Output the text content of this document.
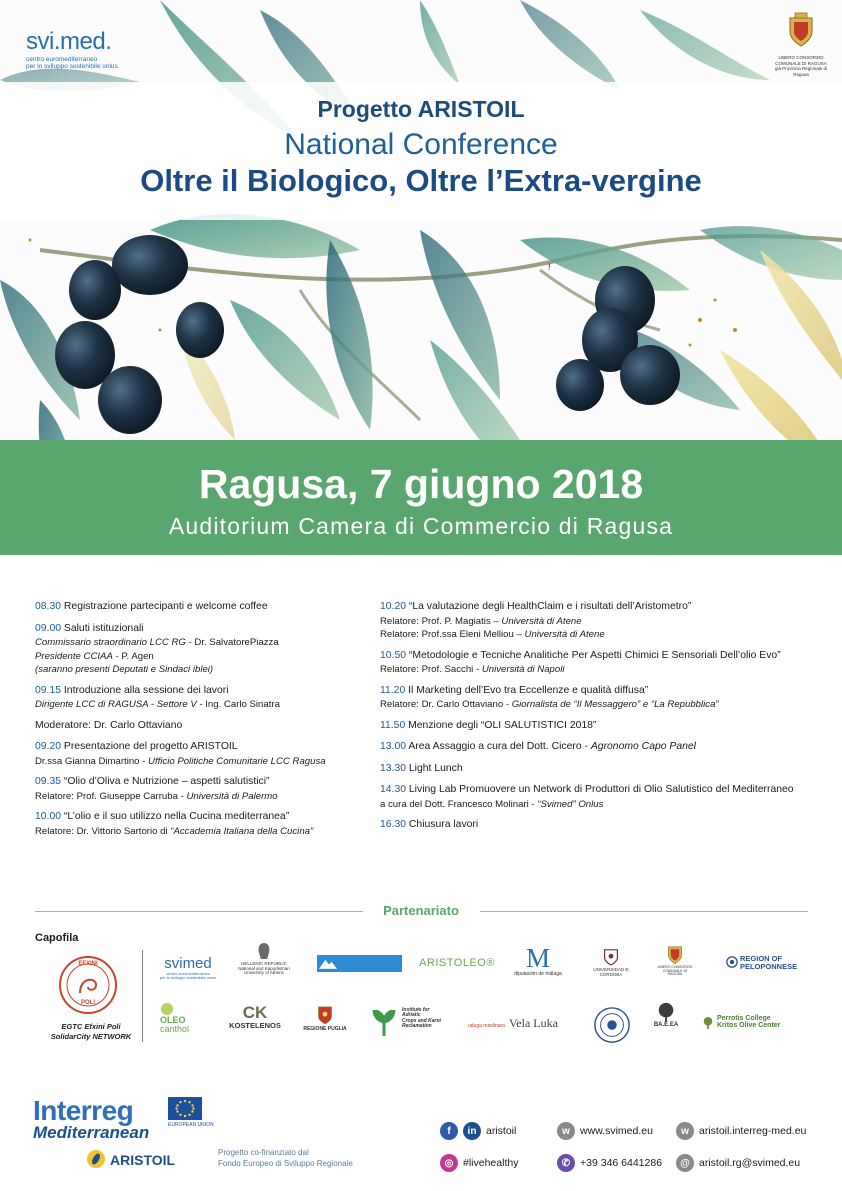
svi.med.
centro euromediterraneo
per lo sviluppo sostenibile onlus
LIBERO CONSORZIO
COMUNALE DI RAGUSA
già Provincia Regionale di Ragusa
Progetto ARISTOIL
National Conference
Oltre il Biologico, Oltre l’Extra-vergine
!
Ragusa, 7 giugno 2018
Auditorium Camera di Commercio di Ragusa
08.30 Registrazione partecipanti e welcome coffee
09.00 Saluti istituzionali
Commissario straordinario LCC RG - Dr. SalvatorePiazza
Presidente CCIAA - P. Agen
(saranno presenti Deputati e Sindaci iblei)
09.15 Introduzione alla sessione dei lavori
Dirigente LCC di RAGUSA - Settore V - Ing. Carlo Sinatra
Moderatore: Dr. Carlo Ottaviano
09.20 Presentazione del progetto ARISTOIL
Dr.ssa Gianna Dimartino - Ufficio Politiche Comunitarie LCC Ragusa
09.35 “Olio d’Oliva e Nutrizione – aspetti salutistici”
Relatore: Prof. Giuseppe Carruba - Università di Palermo
10.00 “L’olio e il suo utilizzo nella Cucina mediterranea”
Relatore: Dr. Vittorio Sartorio di “Accademia Italiana della Cucina”
10.20 “La valutazione degli HealthClaim e i risultati dell’Aristometro”
Relatore: Prof. P. Magiatis – Università di Atene
Relatore: Prof.ssa Eleni Melliou – Università di Atene
10.50 “Metodologie e Tecniche Analitiche Per Aspetti Chimici E Sensoriali Dell’olio Evo”
Relatore: Prof. Sacchi - Università di Napoli
11.20 Il Marketing dell’Evo tra Eccellenze e qualità diffusa”
Relatore: Dr. Carlo Ottaviano - Giornalista de “Il Messaggero” e “La Repubblica”
11.50 Menzione degli “OLI SALUTISTICI 2018”
13.00 Area Assaggio a cura del Dott. Cicero - Agronomo Capo Panel
13.30 Light Lunch
14.30 Living Lab Promuovere un Network di Produttori di Olio Salutistico del Mediterraneo
a cura del Dott. Francesco Molinari - “Svimed” Onlus
16.30 Chiusura lavori
Partenariato
Capofila
EFXINI
POLI
EGTC Efxini Poli
SolidarCity NETWORK
svimed
centro euromediterraneo
per lo sviluppo sostenibile onlus
HELLENIC REPUBLIC
National and Kapodistrian
University of Athens
ARISTOLEO®	M
diputación de málaga
UNIVERSIDAD Ð CÓRDOBA
LIBERO CONSORZIO COMUNALE DI RAGUSA
REGION OF
PELOPONNESE
OLEO
canthol
CK
KOSTELENOS	REGIONE PUGLIA
Institute for
Adriatic
Crops and Karst
Reclamation	uduga maslinara Vela Luka	ΒΑ.Ε.ΕΑ
Perrotis College
Kritos Olive Center
Interreg
Mediterranean	EUROPEAN UNION
ARISTOIL	Progetto co-finanziato dal
Fondo Europeo di Sviluppo Regionale
f	in aristoil	w www.svimed.eu	w aristoil.interreg-med.eu
◎ #livehealthy	✆ +39 346 6441286	@ aristoil.rg@svimed.eu
